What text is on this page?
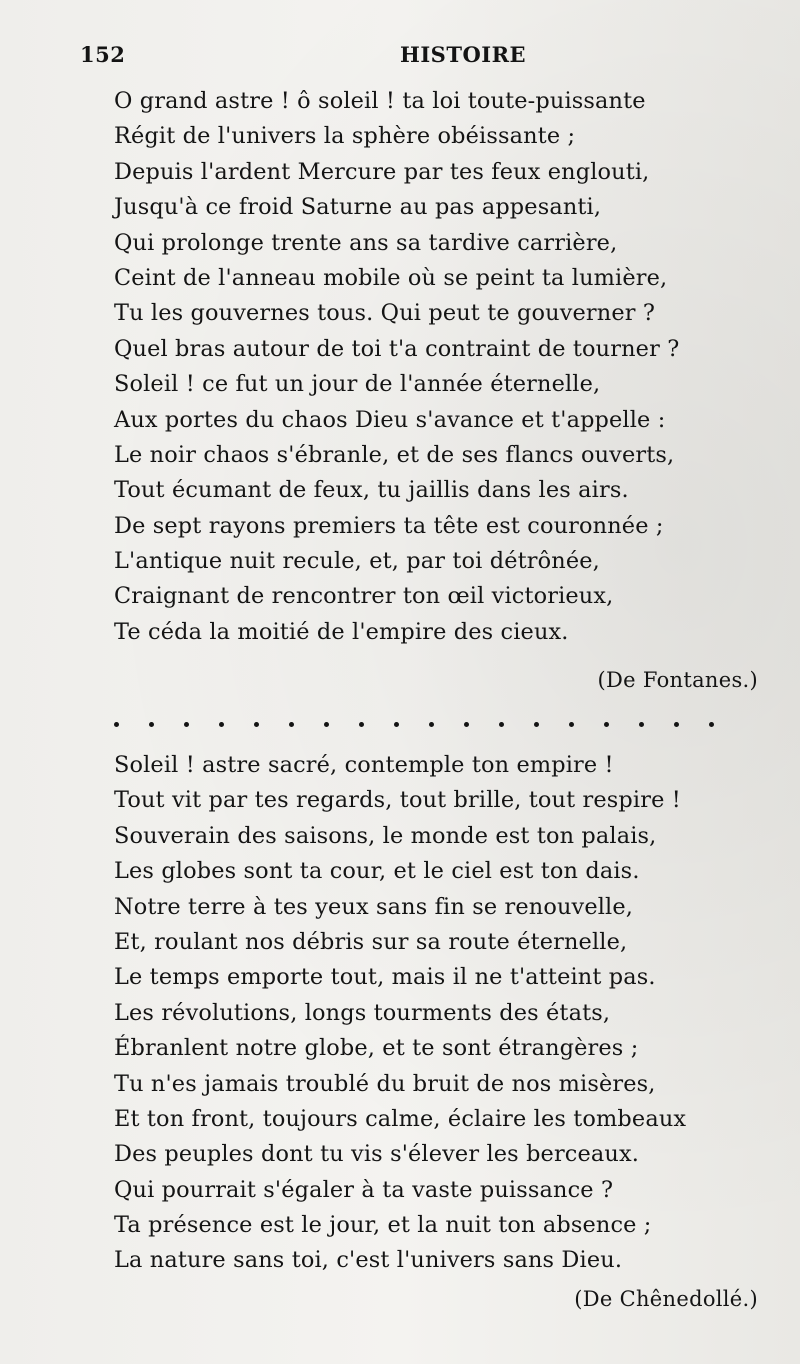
152	HISTOIRE
O grand astre ! ô soleil ! ta loi toute-puissante
Régit de l'univers la sphère obéissante ;
Depuis l'ardent Mercure par tes feux englouti,
Jusqu'à ce froid Saturne au pas appesanti,
Qui prolonge trente ans sa tardive carrière,
Ceint de l'anneau mobile où se peint ta lumière,
Tu les gouvernes tous. Qui peut te gouverner ?
Quel bras autour de toi t'a contraint de tourner ?
Soleil ! ce fut un jour de l'année éternelle,
Aux portes du chaos Dieu s'avance et t'appelle :
Le noir chaos s'ébranle, et de ses flancs ouverts,
Tout écumant de feux, tu jaillis dans les airs.
De sept rayons premiers ta tête est couronnée ;
L'antique nuit recule, et, par toi détrônée,
Craignant de rencontrer ton œil victorieux,
Te céda la moitié de l'empire des cieux.
(De Fontanes.)
Soleil ! astre sacré, contemple ton empire !
Tout vit par tes regards, tout brille, tout respire !
Souverain des saisons, le monde est ton palais,
Les globes sont ta cour, et le ciel est ton dais.
Notre terre à tes yeux sans fin se renouvelle,
Et, roulant nos débris sur sa route éternelle,
Le temps emporte tout, mais il ne t'atteint pas.
Les révolutions, longs tourments des états,
Ébranlent notre globe, et te sont étrangères ;
Tu n'es jamais troublé du bruit de nos misères,
Et ton front, toujours calme, éclaire les tombeaux
Des peuples dont tu vis s'élever les berceaux.
Qui pourrait s'égaler à ta vaste puissance ?
Ta présence est le jour, et la nuit ton absence ;
La nature sans toi, c'est l'univers sans Dieu.
(De Chênedollé.)
